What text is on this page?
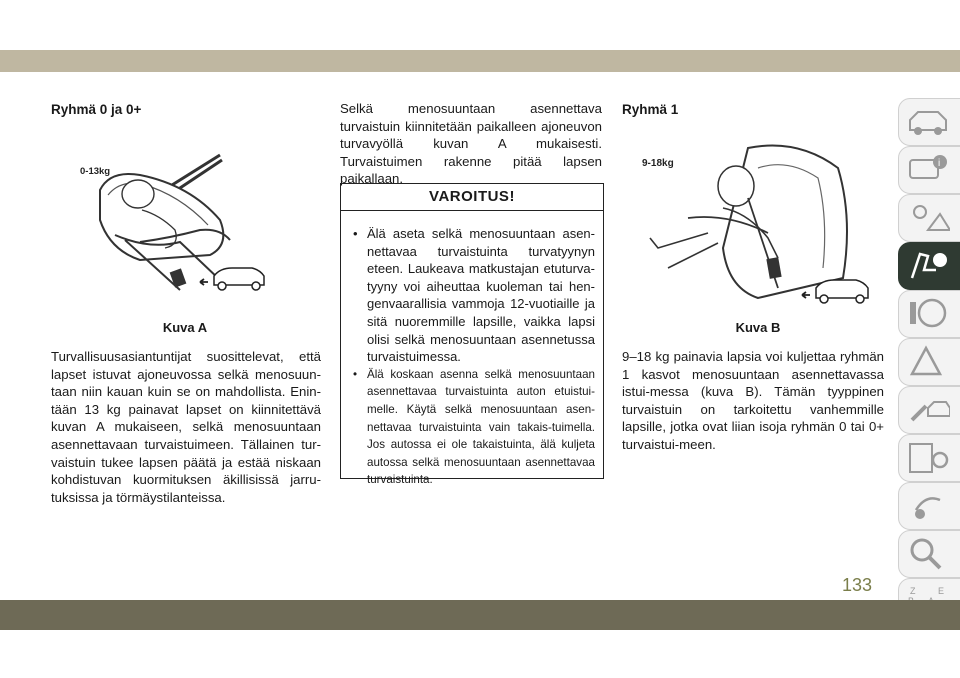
Ryhmä 0 ja 0+
0-13kg
Kuva A

Turvallisuusasiantuntijat suosittelevat, että lapset istuvat ajoneuvossa selkä menosuun-taan niin kauan kuin se on mahdollista. Enin-tään 13 kg painavat lapset on kiinnitettävä kuvan A mukaiseen, selkä menosuuntaan asennettavaan turvaistuimeen. Tällainen tur-vaistuin tukee lapsen päätä ja estää niskaan kohdistuvan kuormituksen äkillisissä jarru-tuksissa ja törmäystilanteissa.

Selkä menosuuntaan asennettava turvaistuin kiinnitetään paikalleen ajoneuvon turvavyöllä kuvan A mukaisesti. Turvaistuimen rakenne pitää lapsen paikallaan.

VAROITUS!
• Älä aseta selkä menosuuntaan asen-nettavaa turvaistuinta turvatyynyn eteen. Laukeava matkustajan etuturva-tyyny voi aiheuttaa kuoleman tai hen-genvaarallisia vammoja 12-vuotiaille ja sitä nuoremmille lapsille, vaikka lapsi olisi selkä menosuuntaan asennetussa turvaistuimessa.
• Älä koskaan asenna selkä menosuuntaan asennettavaa turvaistuinta auton etuistui-melle. Käytä selkä menosuuntaan asen-nettavaa turvaistuinta vain takais-tuimella. Jos autossa ei ole takaistuinta, älä kuljeta autossa selkä menosuuntaan asennettavaa turvaistuinta.
Ryhmä 1
9-18kg
Kuva B

9–18 kg painavia lapsia voi kuljettaa ryhmän 1 kasvot menosuuntaan asennettavassa istui-messa (kuva B). Tämän tyyppinen turvaistuin on tarkoitettu vanhemmille lapsille, jotka ovat liian isoja ryhmän 0 tai 0+ turvaistui-meen.

i
Z	E
133
